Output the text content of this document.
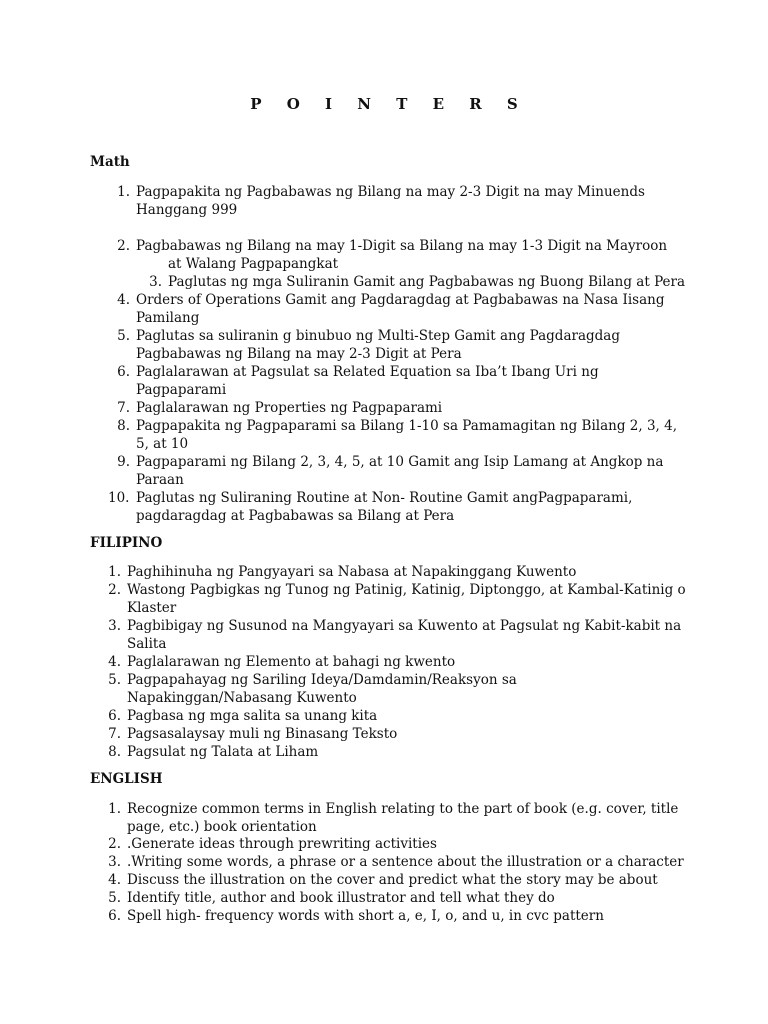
P O I N T E R S
Math
1. Pagpapakita ng Pagbabawas ng Bilang na may 2-3 Digit na may Minuends
Hanggang 999
2. Pagbabawas ng Bilang na may 1-Digit sa Bilang na may 1-3 Digit na Mayroon
at Walang Pagpapangkat
3. Paglutas ng mga Suliranin Gamit ang Pagbabawas ng Buong Bilang at Pera
4. Orders of Operations Gamit ang Pagdaragdag at Pagbabawas na Nasa Iisang
Pamilang
5. Paglutas sa suliranin g binubuo ng Multi-Step Gamit ang Pagdaragdag
Pagbabawas ng Bilang na may 2-3 Digit at Pera
6. Paglalarawan at Pagsulat sa Related Equation sa Iba’t Ibang Uri ng
Pagpaparami
7. Paglalarawan ng Properties ng Pagpaparami
8. Pagpapakita ng Pagpaparami sa Bilang 1-10 sa Pamamagitan ng Bilang 2, 3, 4,
5, at 10
9. Pagpaparami ng Bilang 2, 3, 4, 5, at 10 Gamit ang Isip Lamang at Angkop na
Paraan
10. Paglutas ng Suliraning Routine at Non- Routine Gamit angPagpaparami,
pagdaragdag at Pagbabawas sa Bilang at Pera
FILIPINO
1. Paghihinuha ng Pangyayari sa Nabasa at Napakinggang Kuwento
2. Wastong Pagbigkas ng Tunog ng Patinig, Katinig, Diptonggo, at Kambal-Katinig o
Klaster
3. Pagbibigay ng Susunod na Mangyayari sa Kuwento at Pagsulat ng Kabit-kabit na
Salita
4. Paglalarawan ng Elemento at bahagi ng kwento
5. Pagpapahayag ng Sariling Ideya/Damdamin/Reaksyon sa
Napakinggan/Nabasang Kuwento
6. Pagbasa ng mga salita sa unang kita
7. Pagsasalaysay muli ng Binasang Teksto
8. Pagsulat ng Talata at Liham
ENGLISH
1. Recognize common terms in English relating to the part of book (e.g. cover, title
page, etc.) book orientation
2. .Generate ideas through prewriting activities
3. .Writing some words, a phrase or a sentence about the illustration or a character
4. Discuss the illustration on the cover and predict what the story may be about
5. Identify title, author and book illustrator and tell what they do
6. Spell high- frequency words with short a, e, I, o, and u, in cvc pattern
